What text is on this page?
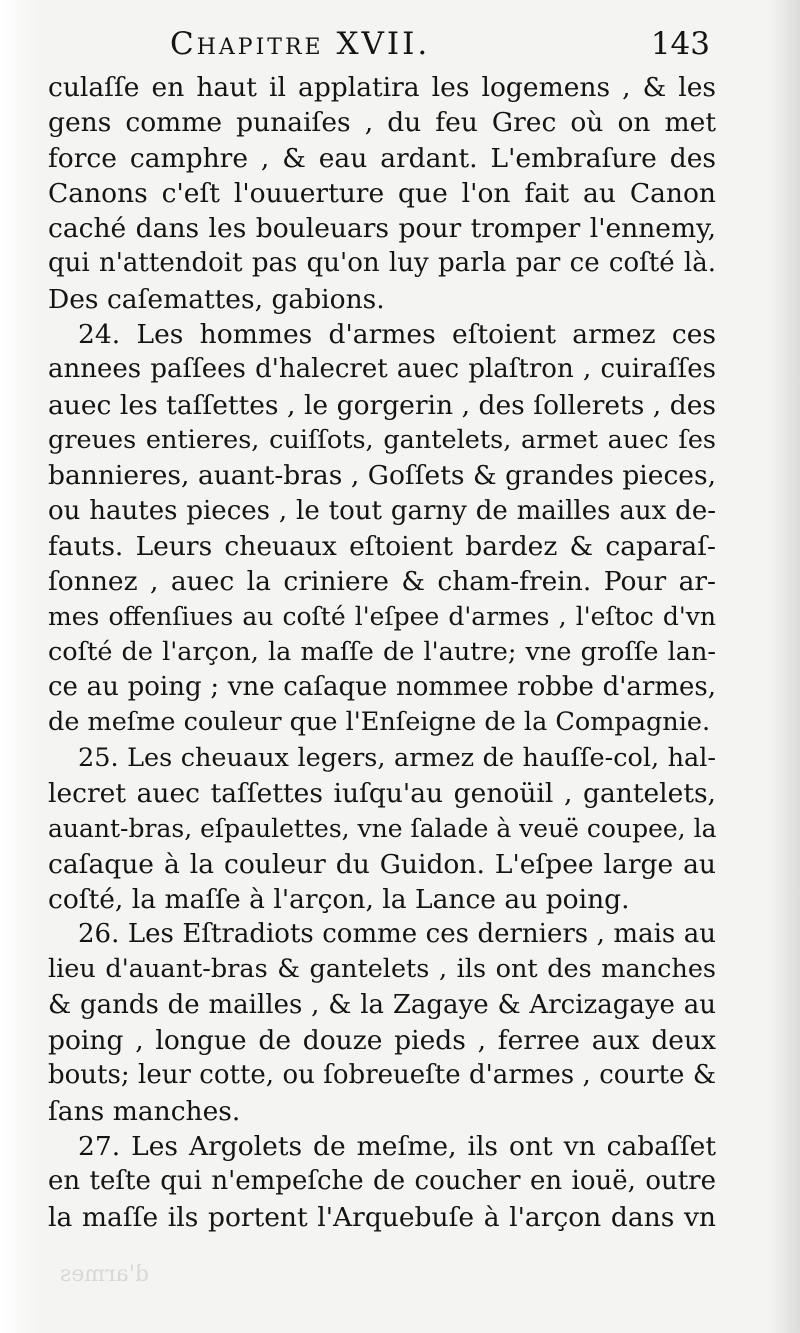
Chapitre XVII.	143
culaſſe en haut il applatira les logemens , & les
gens comme punaiſes , du feu Grec où on met
force camphre , & eau ardant. L'embraſure des
Canons c'eſt l'ouuerture que l'on fait au Canon
caché dans les bouleuars pour tromper l'ennemy,
qui n'attendoit pas qu'on luy parla par ce coſté là.
Des caſemattes, gabions.
24. Les hommes d'armes eſtoient armez ces
annees paſſees d'halecret auec plaſtron , cuiraſſes
auec les taſſettes , le gorgerin , des ſollerets , des
greues entieres, cuiſſots, gantelets, armet auec ſes
bannieres, auant-bras , Goſſets & grandes pieces,
ou hautes pieces , le tout garny de mailles aux de-
fauts. Leurs cheuaux eſtoient bardez & caparaſ-
ſonnez , auec la criniere & cham-frein. Pour ar-
mes offenſiues au coſté l'eſpee d'armes , l'eſtoc d'vn
coſté de l'arçon, la maſſe de l'autre; vne groſſe lan-
ce au poing ; vne caſaque nommee robbe d'armes,
de meſme couleur que l'Enſeigne de la Compagnie.
25. Les cheuaux legers, armez de hauſſe-col, hal-
lecret auec taſſettes iuſqu'au genoüil , gantelets,
auant-bras, eſpaulettes, vne ſalade à veuë coupee, la
caſaque à la couleur du Guidon. L'eſpee large au
coſté, la maſſe à l'arçon, la Lance au poing.
26. Les Eſtradiots comme ces derniers , mais au
lieu d'auant-bras & gantelets , ils ont des manches
& gands de mailles , & la Zagaye & Arcizagaye au
poing , longue de douze pieds , ferree aux deux
bouts; leur cotte, ou ſobreueſte d'armes , courte &
ſans manches.
27. Les Argolets de meſme, ils ont vn cabaſſet
en teſte qui n'empeſche de coucher en iouë, outre
la maſſe ils portent l'Arquebuſe à l'arçon dans vn
d'armes
